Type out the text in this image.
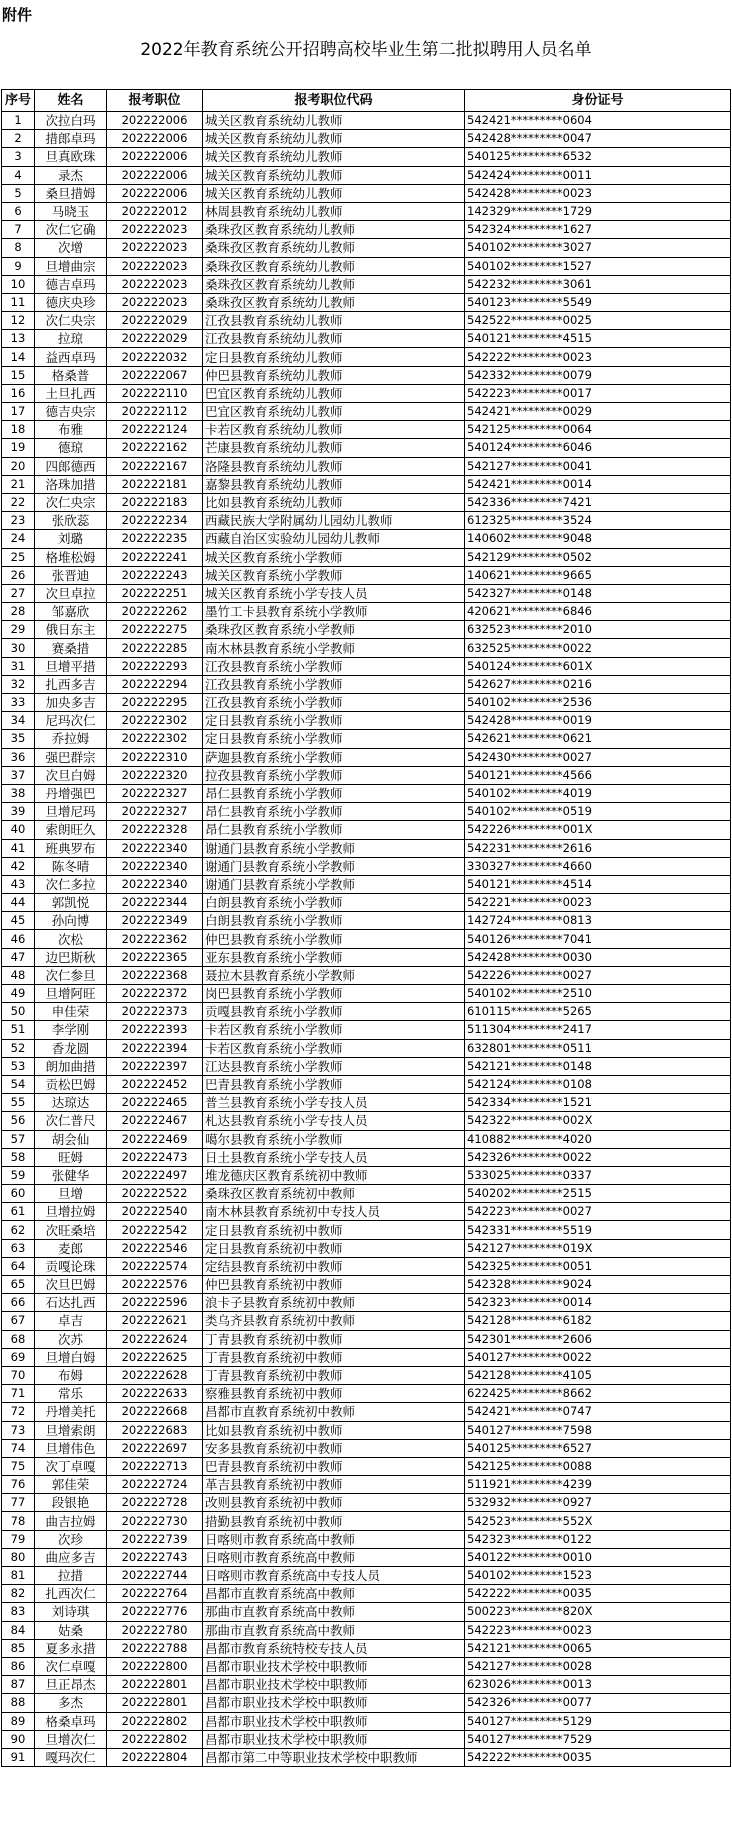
附件
2022年教育系统公开招聘高校毕业生第二批拟聘用人员名单
序号	姓名	报考职位	报考职位代码	身份证号
1	次拉白玛	202222006	城关区教育系统幼儿教师	542421*********0604
2	措郎卓玛	202222006	城关区教育系统幼儿教师	542428*********0047
3	旦真欧珠	202222006	城关区教育系统幼儿教师	540125*********6532
4	录杰	202222006	城关区教育系统幼儿教师	542424*********0011
5	桑旦措姆	202222006	城关区教育系统幼儿教师	542428*********0023
6	马晓玉	202222012	林周县教育系统幼儿教师	142329*********1729
7	次仁它确	202222023	桑珠孜区教育系统幼儿教师	542324*********1627
8	次增	202222023	桑珠孜区教育系统幼儿教师	540102*********3027
9	旦增曲宗	202222023	桑珠孜区教育系统幼儿教师	540102*********1527
10	德吉卓玛	202222023	桑珠孜区教育系统幼儿教师	542232*********3061
11	德庆央珍	202222023	桑珠孜区教育系统幼儿教师	540123*********5549
12	次仁央宗	202222029	江孜县教育系统幼儿教师	542522*********0025
13	拉琼	202222029	江孜县教育系统幼儿教师	540121*********4515
14	益西卓玛	202222032	定日县教育系统幼儿教师	542222*********0023
15	格桑普	202222067	仲巴县教育系统幼儿教师	542332*********0079
16	土旦扎西	202222110	巴宜区教育系统幼儿教师	542223*********0017
17	德吉央宗	202222112	巴宜区教育系统幼儿教师	542421*********0029
18	布雅	202222124	卡若区教育系统幼儿教师	542125*********0064
19	德琼	202222162	芒康县教育系统幼儿教师	540124*********6046
20	四郎德西	202222167	洛隆县教育系统幼儿教师	542127*********0041
21	洛珠加措	202222181	嘉黎县教育系统幼儿教师	542421*********0014
22	次仁央宗	202222183	比如县教育系统幼儿教师	542336*********7421
23	张欣蕊	202222234	西藏民族大学附属幼儿园幼儿教师	612325*********3524
24	刘璐	202222235	西藏自治区实验幼儿园幼儿教师	140602*********9048
25	格堆松姆	202222241	城关区教育系统小学教师	542129*********0502
26	张晋迪	202222243	城关区教育系统小学教师	140621*********9665
27	次旦卓拉	202222251	城关区教育系统小学专技人员	542327*********0148
28	邹嘉欣	202222262	墨竹工卡县教育系统小学教师	420621*********6846
29	俄日东主	202222275	桑珠孜区教育系统小学教师	632523*********2010
30	赛桑措	202222285	南木林县教育系统小学教师	632525*********0022
31	旦增平措	202222293	江孜县教育系统小学教师	540124*********601X
32	扎西多吉	202222294	江孜县教育系统小学教师	542627*********0216
33	加央多吉	202222295	江孜县教育系统小学教师	540102*********2536
34	尼玛次仁	202222302	定日县教育系统小学教师	542428*********0019
35	乔拉姆	202222302	定日县教育系统小学教师	542621*********0621
36	强巴群宗	202222310	萨迦县教育系统小学教师	542430*********0027
37	次旦白姆	202222320	拉孜县教育系统小学教师	540121*********4566
38	丹增强巴	202222327	昂仁县教育系统小学教师	540102*********4019
39	旦增尼玛	202222327	昂仁县教育系统小学教师	540102*********0519
40	索朗旺久	202222328	昂仁县教育系统小学教师	542226*********001X
41	班典罗布	202222340	谢通门县教育系统小学教师	542231*********2616
42	陈冬晴	202222340	谢通门县教育系统小学教师	330327*********4660
43	次仁多拉	202222340	谢通门县教育系统小学教师	540121*********4514
44	郭凯悦	202222344	白朗县教育系统小学教师	542221*********0023
45	孙向博	202222349	白朗县教育系统小学教师	142724*********0813
46	次松	202222362	仲巴县教育系统小学教师	540126*********7041
47	边巴斯秋	202222365	亚东县教育系统小学教师	542428*********0030
48	次仁参旦	202222368	聂拉木县教育系统小学教师	542226*********0027
49	旦增阿旺	202222372	岗巴县教育系统小学教师	540102*********2510
50	申佳荣	202222373	贡嘎县教育系统小学教师	610115*********5265
51	李学刚	202222393	卡若区教育系统小学教师	511304*********2417
52	香龙圆	202222394	卡若区教育系统小学教师	632801*********0511
53	朗加曲措	202222397	江达县教育系统小学教师	542121*********0148
54	贡松巴姆	202222452	巴青县教育系统小学教师	542124*********0108
55	达琼达	202222465	普兰县教育系统小学专技人员	542334*********1521
56	次仁普尺	202222467	札达县教育系统小学专技人员	542322*********002X
57	胡会仙	202222469	噶尔县教育系统小学教师	410882*********4020
58	旺姆	202222473	日土县教育系统小学专技人员	542326*********0022
59	张健华	202222497	堆龙德庆区教育系统初中教师	533025*********0337
60	旦增	202222522	桑珠孜区教育系统初中教师	540202*********2515
61	旦增拉姆	202222540	南木林县教育系统初中专技人员	542223*********0027
62	次旺桑培	202222542	定日县教育系统初中教师	542331*********5519
63	麦郎	202222546	定日县教育系统初中教师	542127*********019X
64	贡嘎论珠	202222574	定结县教育系统初中教师	542325*********0051
65	次旦巴姆	202222576	仲巴县教育系统初中教师	542328*********9024
66	石达扎西	202222596	浪卡子县教育系统初中教师	542323*********0014
67	卓吉	202222621	类乌齐县教育系统初中教师	542128*********6182
68	次苏	202222624	丁青县教育系统初中教师	542301*********2606
69	旦增白姆	202222625	丁青县教育系统初中教师	540127*********0022
70	布姆	202222628	丁青县教育系统初中教师	542128*********4105
71	常乐	202222633	察雅县教育系统初中教师	622425*********8662
72	丹增美托	202222668	昌都市直教育系统初中教师	542421*********0747
73	旦增索朗	202222683	比如县教育系统初中教师	540127*********7598
74	旦增伟色	202222697	安多县教育系统初中教师	540125*********6527
75	次丁卓嘎	202222713	巴青县教育系统初中教师	542125*********0088
76	郭佳荣	202222724	革吉县教育系统初中教师	511921*********4239
77	段银艳	202222728	改则县教育系统初中教师	532932*********0927
78	曲吉拉姆	202222730	措勤县教育系统初中教师	542523*********552X
79	次珍	202222739	日喀则市教育系统高中教师	542323*********0122
80	曲应多吉	202222743	日喀则市教育系统高中教师	540122*********0010
81	拉措	202222744	日喀则市教育系统高中专技人员	540102*********1523
82	扎西次仁	202222764	昌都市直教育系统高中教师	542222*********0035
83	刘诗琪	202222776	那曲市直教育系统高中教师	500223*********820X
84	姑桑	202222780	那曲市直教育系统高中教师	542223*********0023
85	夏多永措	202222788	昌都市教育系统特校专技人员	542121*********0065
86	次仁卓嘎	202222800	昌都市职业技术学校中职教师	542127*********0028
87	旦正昂杰	202222801	昌都市职业技术学校中职教师	623026*********0013
88	多杰	202222801	昌都市职业技术学校中职教师	542326*********0077
89	格桑卓玛	202222802	昌都市职业技术学校中职教师	540127*********5129
90	旦增次仁	202222802	昌都市职业技术学校中职教师	540127*********7529
91	嘎玛次仁	202222804	昌都市第二中等职业技术学校中职教师	542222*********0035
